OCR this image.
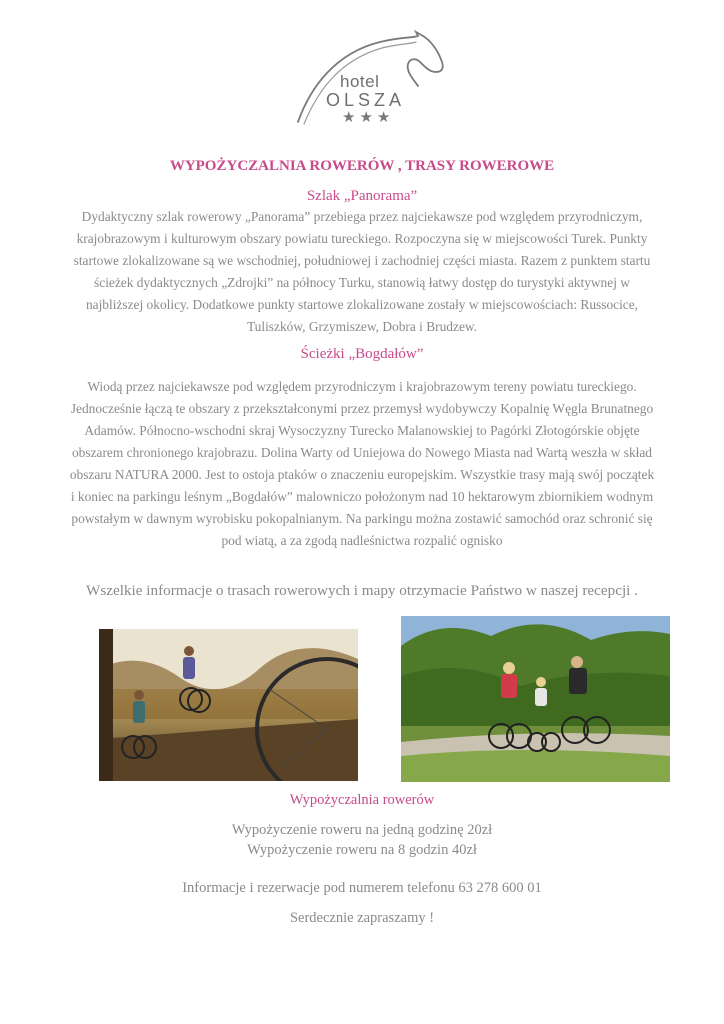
hotel
OLSZA
★★★
WYPOŻYCZALNIA ROWERÓW , TRASY ROWEROWE
Szlak „Panorama”
Dydaktyczny szlak rowerowy „Panorama” przebiega przez najciekawsze pod względem przyrodniczym, krajobrazowym i kulturowym obszary powiatu tureckiego. Rozpoczyna się w miejscowości Turek. Punkty startowe zlokalizowane są we wschodniej, południowej i zachodniej części miasta. Razem z punktem startu ścieżek dydaktycznych „Zdrojki” na północy Turku, stanowią łatwy dostęp do turystyki aktywnej w najbliższej okolicy. Dodatkowe punkty startowe zlokalizowane zostały w miejscowościach: Russocice, Tuliszków, Grzymiszew, Dobra i Brudzew.
Ścieżki „Bogdałów”
Wiodą przez najciekawsze pod względem przyrodniczym i krajobrazowym tereny powiatu tureckiego. Jednocześnie łączą te obszary z przekształconymi przez przemysł wydobywczy Kopalnię Węgla Brunatnego Adamów. Północno-wschodni skraj Wysoczyzny Turecko Malanowskiej to Pagórki Złotogórskie objęte obszarem chronionego krajobrazu. Dolina Warty od Uniejowa do Nowego Miasta nad Wartą weszła w skład obszaru NATURA 2000. Jest to ostoja ptaków o znaczeniu europejskim. Wszystkie trasy mają swój początek i koniec na parkingu leśnym „Bogdałów” malowniczo położonym nad 10 hektarowym zbiornikiem wodnym powstałym w dawnym wyrobisku pokopalnianym. Na parkingu można zostawić samochód oraz schronić się pod wiatą, a za zgodą nadleśnictwa rozpalić ognisko
Wszelkie informacje o trasach rowerowych i mapy otrzymacie Państwo w naszej recepcji .
Wypożyczalnia rowerów
Wypożyczenie roweru na jedną godzinę 20zł
Wypożyczenie roweru na 8 godzin 40zł
Informacje i rezerwacje pod numerem telefonu 63 278 600 01
Serdecznie zapraszamy !
